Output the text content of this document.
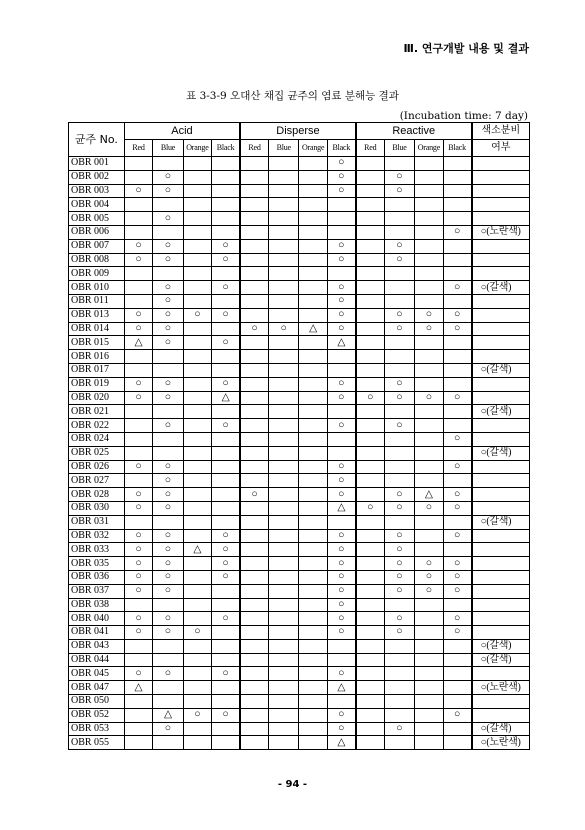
Ⅲ. 연구개발 내용 및 결과
표 3-3-9 오대산 채집 균주의 염료 분해능 결과
(Incubation time: 7 day)
균주 No.	Acid				Disperse				Reactive				색소분비
	Red	Blue	Orange	Black	Red	Blue	Orange	Black	Red	Blue	Orange	Black	여부
OBR 001								○					
OBR 002		○						○		○			
OBR 003	○	○						○		○			
OBR 004													
OBR 005		○											
OBR 006												○	○(노란색)
OBR 007	○	○		○				○		○			
OBR 008	○	○		○				○		○			
OBR 009													
OBR 010		○		○				○				○	○(갈색)
OBR 011		○						○					
OBR 013	○	○	○	○				○		○	○	○	
OBR 014	○	○			○	○	△	○		○	○	○	
OBR 015	△	○		○				△					
OBR 016													
OBR 017													○(갈색)
OBR 019	○	○		○				○		○			
OBR 020	○	○		△				○	○	○	○	○	
OBR 021													○(갈색)
OBR 022		○		○				○		○			
OBR 024												○	
OBR 025													○(갈색)
OBR 026	○	○						○				○	
OBR 027		○						○					
OBR 028	○	○			○			○		○	△	○	
OBR 030	○	○						△	○	○	○	○	
OBR 031													○(갈색)
OBR 032	○	○		○				○		○		○	
OBR 033	○	○	△	○				○		○			
OBR 035	○	○		○				○		○	○	○	
OBR 036	○	○		○				○		○	○	○	
OBR 037	○	○						○		○	○	○	
OBR 038								○					
OBR 040	○	○		○				○		○		○	
OBR 041	○	○	○					○		○		○	
OBR 043													○(갈색)
OBR 044													○(갈색)
OBR 045	○	○		○				○					
OBR 047	△							△					○(노란색)
OBR 050													
OBR 052		△	○	○				○				○	
OBR 053		○						○		○			○(갈색)
OBR 055								△					○(노란색)
- 94 -
